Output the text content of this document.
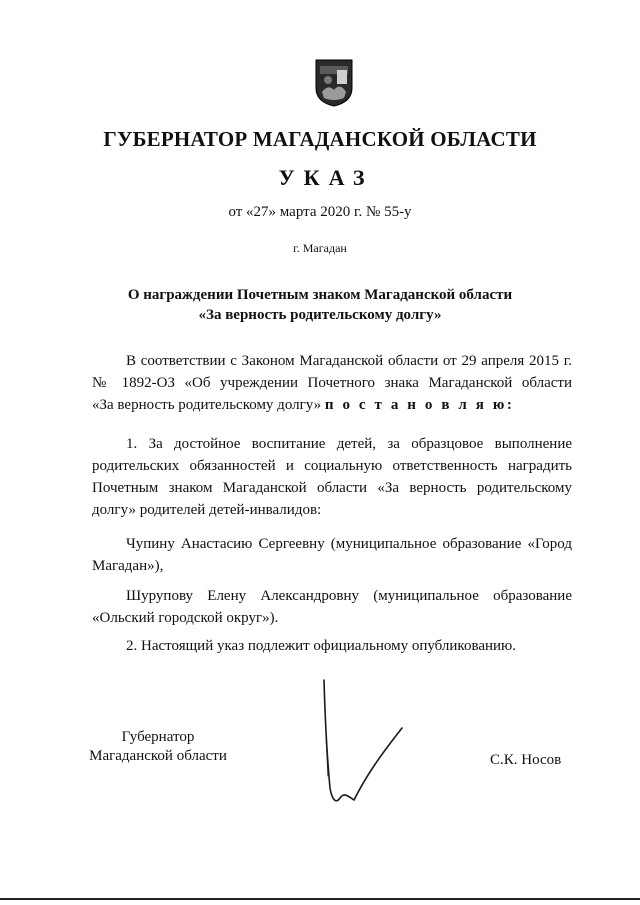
ГУБЕРНАТОР МАГАДАНСКОЙ ОБЛАСТИ
УКАЗ
от «27» марта 2020 г. № 55-у
г. Магадан
О награждении Почетным знаком Магаданской области
«За верность родительскому долгу»
В соответствии с Законом Магаданской области от 29 апреля 2015 г.
№ 1892-ОЗ «Об учреждении Почетного знака Магаданской области
«За верность родительскому долгу» п о с т а н о в л я ю:
1. За достойное воспитание детей, за образцовое выполнение
родительских обязанностей и социальную ответственность наградить
Почетным знаком Магаданской области «За верность родительскому
долгу» родителей детей-инвалидов:
Чупину Анастасию Сергеевну (муниципальное образование «Город
Магадан»),
Шурупову Елену Александровну (муниципальное образование
«Ольский городской округ»).
2. Настоящий указ подлежит официальному опубликованию.
Губернатор
Магаданской области	С.К. Носов
